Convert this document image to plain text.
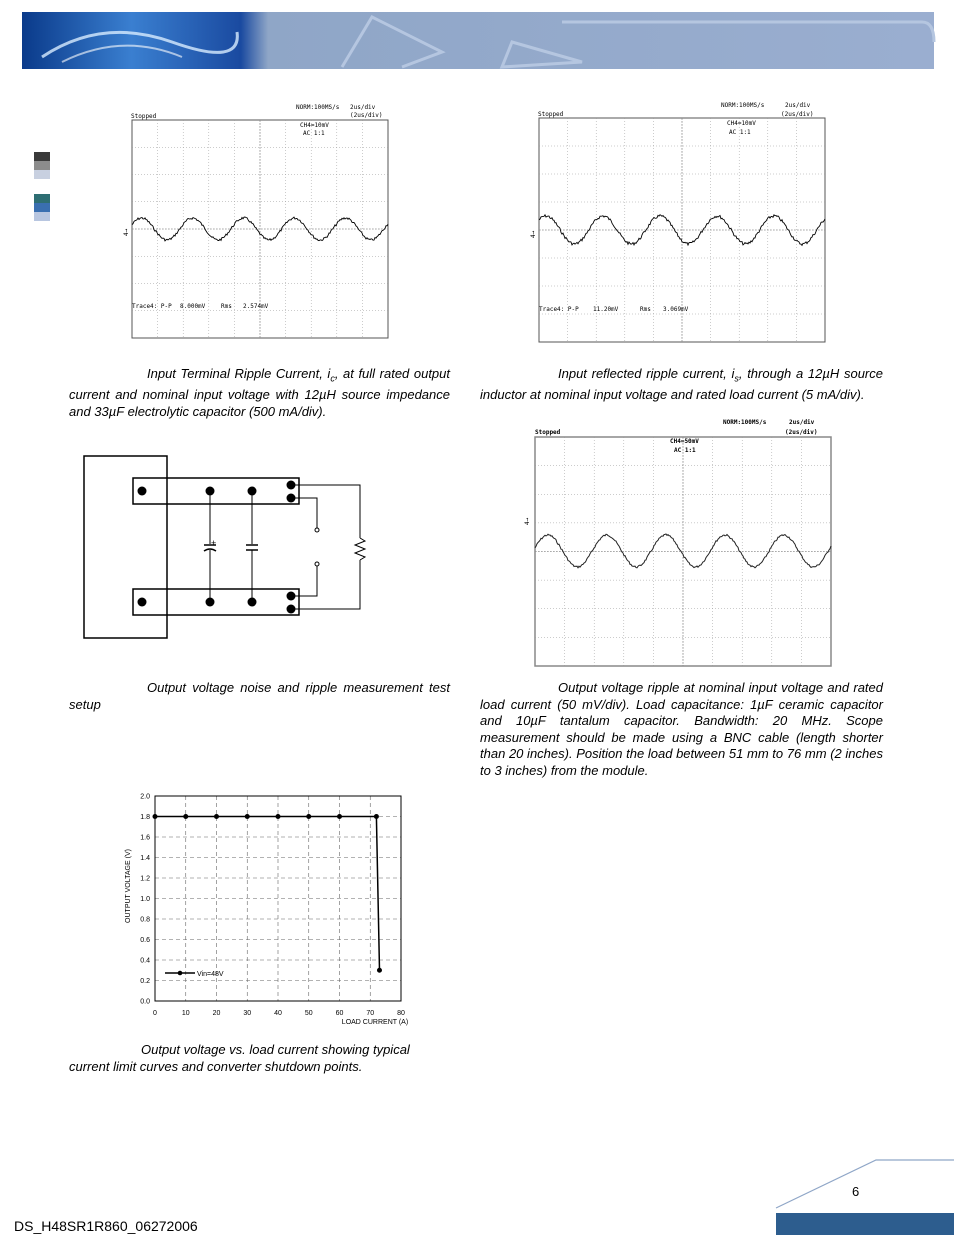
NORM:100MS/s 2us/div
(2us/div)
Stopped
CH4=10mV
AC 1:1
4→
Trace4: P-P 8.000mV	Rms 2.574mV
NORM:100MS/s	2us/div
(2us/div)
Stopped
CH4=10mV
AC 1:1
4→
Trace4: P-P 11.20mV	Rms 3.069mV
Input Terminal Ripple Current, $i_c$, at full rated output current and nominal input voltage with 12µH source impedance and 33µF electrolytic capacitor (500 mA/div).
Input reflected ripple current, $i_s$, through a 12µH source inductor at nominal input voltage and rated load current (5 mA/div).
+
NORM:100MS/s	2us/div
(2us/div)
Stopped
CH4=50mV
AC 1:1
4→
Output voltage noise and ripple measurement test setup
Output voltage ripple at nominal input voltage and rated load current (50 mV/div). Load capacitance: 1µF ceramic capacitor and 10µF tantalum capacitor. Bandwidth: 20 MHz. Scope measurement should be made using a BNC cable (length shorter than 20 inches). Position the load between 51 mm to 76 mm (2 inches to 3 inches) from the module.
0.0
0.2
0.4
0.6
0.8
1.0
1.2
1.4
1.6
1.8
2.0
0	10	20	30	40	50	60	70	80
OUTPUT VOLTAGE (V)
LOAD CURRENT (A)
Vin=48V
Output voltage vs. load current showing typical current limit curves and converter shutdown points.
6
DS_H48SR1R860_06272006
